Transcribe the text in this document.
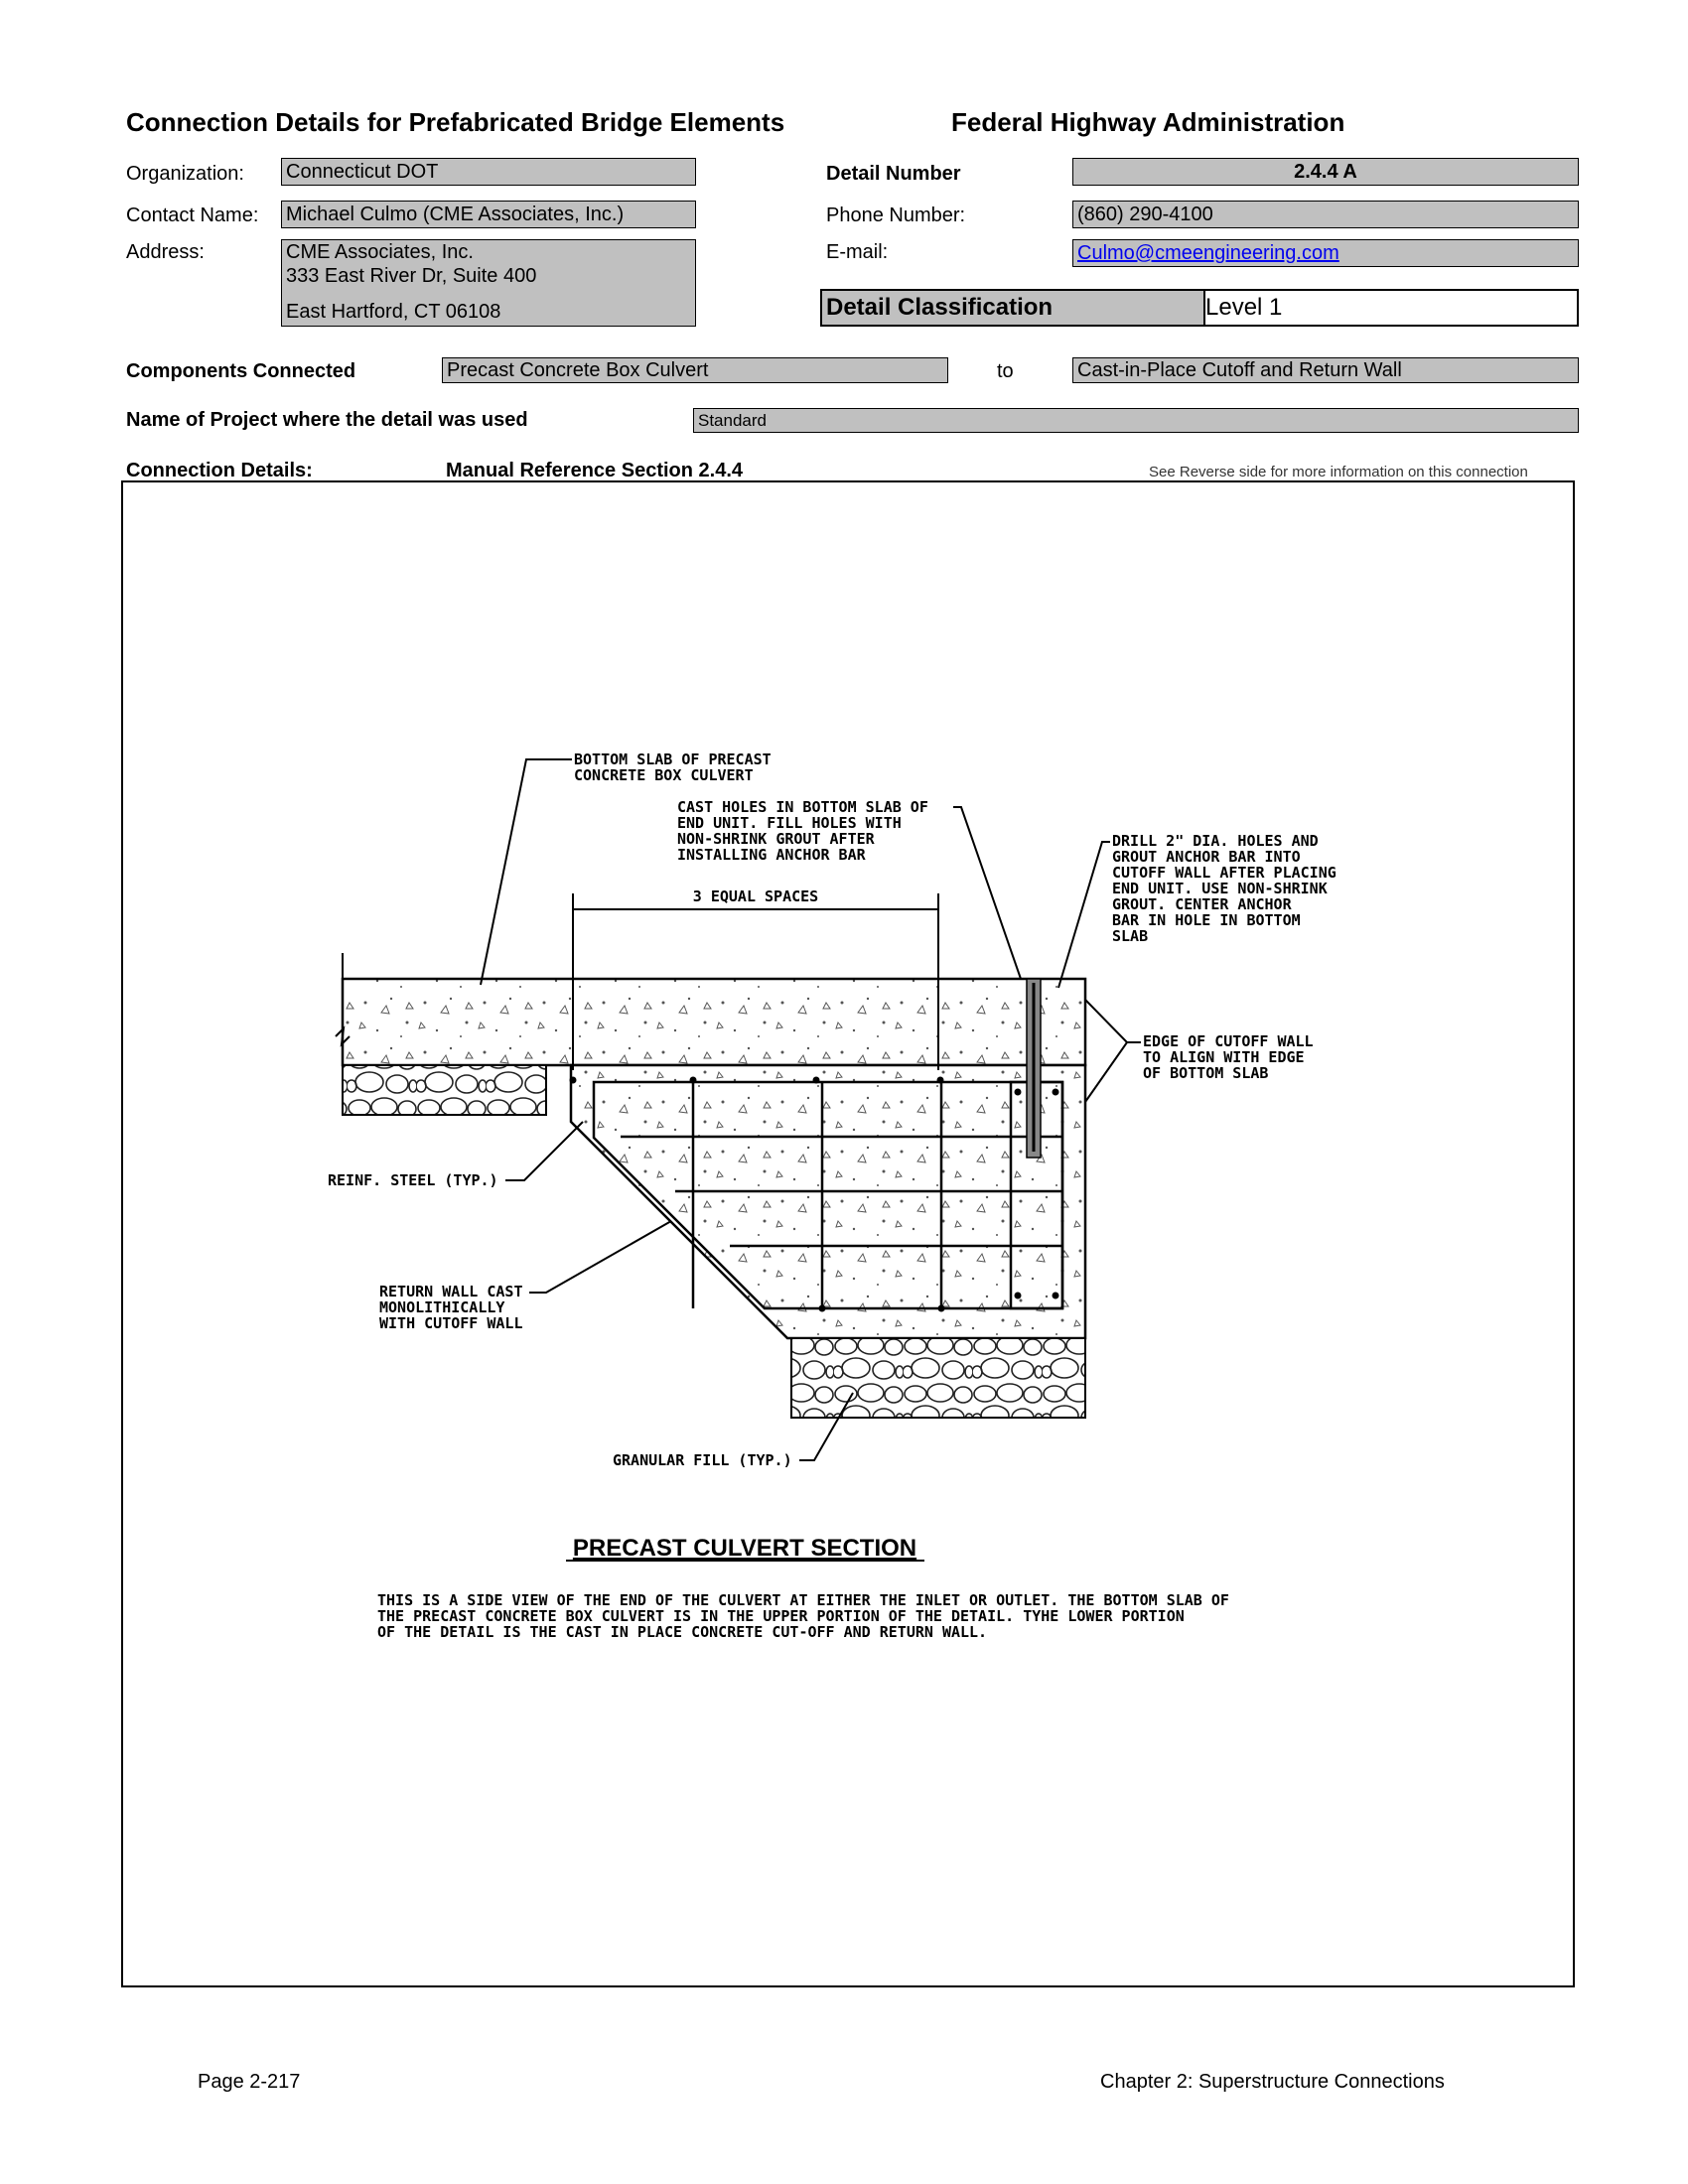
Connection Details for Prefabricated Bridge Elements	Federal Highway Administration
Organization: Connecticut DOT
Contact Name: Michael Culmo (CME Associates, Inc.)
Address:	CME Associates, Inc.
333 East River Dr, Suite 400
East Hartford, CT 06108
Detail Number	2.4.4 A
Phone Number:	(860) 290-4100
E-mail:	Culmo@cmeengineering.com
Detail Classification	Level 1
Components Connected	Precast Concrete Box Culvert	to	Cast-in-Place Cutoff and Return Wall
Name of Project where the detail was used	Standard
Connection Details:	Manual Reference Section 2.4.4	See Reverse side for more information on this connection
3 EQUAL SPACES
BOTTOM SLAB OF PRECAST
CONCRETE BOX CULVERT
CAST HOLES IN BOTTOM SLAB OF
END UNIT. FILL HOLES WITH
NON-SHRINK GROUT AFTER
INSTALLING ANCHOR BAR
DRILL 2" DIA. HOLES AND
GROUT ANCHOR BAR INTO
CUTOFF WALL AFTER PLACING
END UNIT. USE NON-SHRINK
GROUT. CENTER ANCHOR
BAR IN HOLE IN BOTTOM
SLAB
EDGE OF CUTOFF WALL
TO ALIGN WITH EDGE
OF BOTTOM SLAB
REINF. STEEL (TYP.)
RETURN WALL CAST
MONOLITHICALLY
WITH CUTOFF WALL
GRANULAR FILL (TYP.)
PRECAST CULVERT SECTION
THIS IS A SIDE VIEW OF THE END OF THE CULVERT AT EITHER THE INLET OR OUTLET. THE BOTTOM SLAB OF
THE PRECAST CONCRETE BOX CULVERT IS IN THE UPPER PORTION OF THE DETAIL. TYHE LOWER PORTION
OF THE DETAIL IS THE CAST IN PLACE CONCRETE CUT-OFF AND RETURN WALL.
Page 2-217	Chapter 2: Superstructure Connections
